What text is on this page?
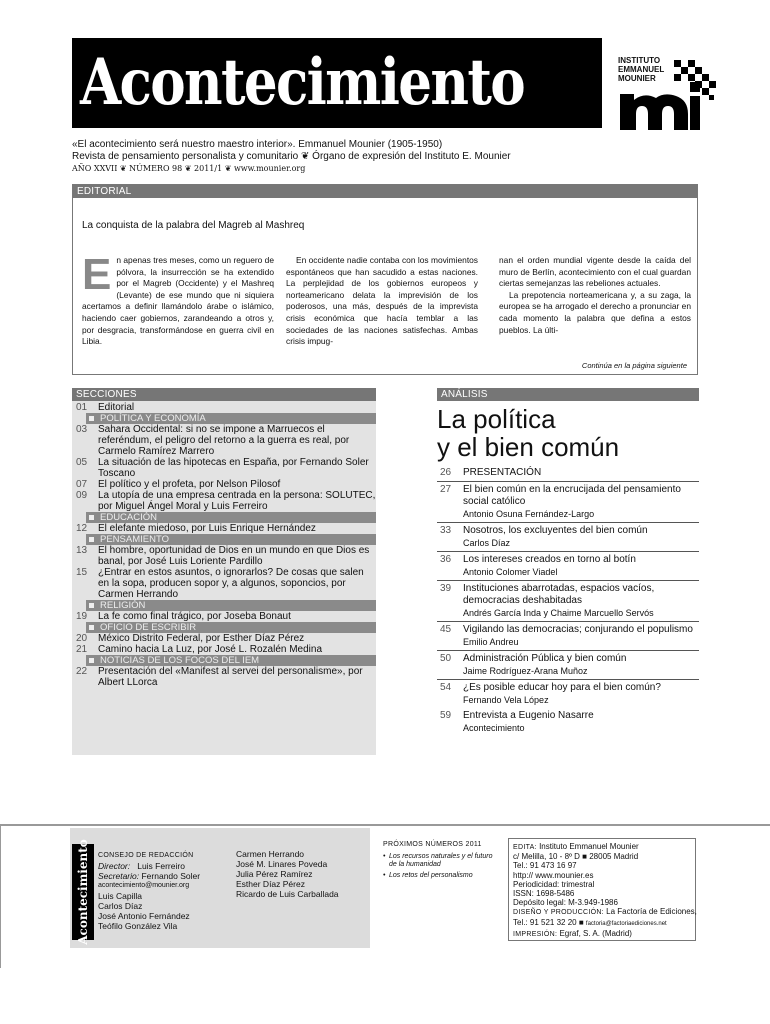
Acontecimiento	INSTITUTO
EMMANUEL
MOUNIER
«El acontecimiento será nuestro maestro interior». Emmanuel Mounier (1905-1950)
Revista de pensamiento personalista y comunitario ❦ Órgano de expresión del Instituto E. Mounier
AÑO XXVII ❦ NÚMERO 98 ❦ 2011/1 ❦ www.mounier.org
EDITORIAL
La conquista de la palabra del Magreb al Mashreq
E n apenas tres meses, como un reguero de pólvora, la insurrección se ha extendido por el Magreb (Occidente) y el Mashreq (Levante) de ese mundo que ni siquiera acertamos a definir llamándolo árabe o islámico, haciendo caer gobiernos, zarandeando a otros y, por desgracia, transformándose en guerra civil en Libia.

En occidente nadie contaba con los movimientos espontáneos que han sacudido a estas naciones. La perplejidad de los gobiernos europeos y norteamericano delata la imprevisión de los poderosos, una más, después de la imprevista crisis económica que hacía temblar a las sociedades de las naciones satisfechas. Ambas crisis impug-

nan el orden mundial vigente desde la caída del muro de Berlín, acontecimiento con el cual guardan ciertas semejanzas las rebeliones actuales.

La prepotencia norteamericana y, a su zaga, la europea se ha arrogado el derecho a pronunciar en cada momento la palabra que defina a estos pueblos. La últi-

Continúa en la página siguiente
SECCIONES
01	Editorial
POLÍTICA Y ECONOMÍA
03	Sahara Occidental: si no se impone a Marruecos el referéndum, el peligro del retorno a la guerra es real, por Carmelo Ramírez Marrero
05	La situación de las hipotecas en España, por Fernando Soler Toscano
07	El político y el profeta, por Nelson Pilosof
09	La utopía de una empresa centrada en la persona: SOLUTEC, por Miguel Ángel Moral y Luis Ferreiro
EDUCACIÓN
12	El elefante miedoso, por Luis Enrique Hernández
PENSAMIENTO
13	El hombre, oportunidad de Dios en un mundo en que Dios es banal, por José Luis Loriente Pardillo
15	¿Entrar en estos asuntos, o ignorarlos? De cosas que salen en la sopa, producen sopor y, a algunos, soponcios, por Carmen Herrando
RELIGIÓN
19	La fe como final trágico, por Joseba Bonaut
OFICIO DE ESCRIBIR
20	México Distrito Federal, por Esther Díaz Pérez
21	Camino hacia La Luz, por José L. Rozalén Medina
NOTICIAS DE LOS FOCOS DEL IEM
22	Presentación del «Manifest al servei del personalisme», por Albert LLorca
ANÁLISIS
La política
y el bien común
26	PRESENTACIÓN
27	El bien común en la encrucijada del pensamiento social católico
Antonio Osuna Fernández-Largo
33	Nosotros, los excluyentes del bien común
Carlos Díaz
36	Los intereses creados en torno al botín
Antonio Colomer Viadel
39	Instituciones abarrotadas, espacios vacíos, democracias deshabitadas
Andrés García Inda y Chaime Marcuello Servós
45	Vigilando las democracias; conjurando el populismo
Emilio Andreu
50	Administración Pública y bien común
Jaime Rodríguez-Arana Muñoz
54	¿Es posible educar hoy para el bien común?
Fernando Vela López
59	Entrevista a Eugenio Nasarre
Acontecimiento
Acontecimiento CONSEJO DE REDACCIÓN
Director: Luis Ferreiro
Secretario: Fernando Soler
acontecimiento@mounier.org
Luis Capilla
Carlos Díaz
José Antonio Fernández
Teófilo González Vila
Carmen Herrando
José M. Linares Poveda
Julia Pérez Ramírez
Esther Díaz Pérez
Ricardo de Luis Carballada
PRÓXIMOS NÚMEROS 2011
• Los recursos naturales y el futuro de la humanidad
• Los retos del personalismo
EDITA: Instituto Emmanuel Mounier
c/ Melilla, 10 - 8º D ■ 28005 Madrid
Tel.: 91 473 16 97
http:// www.mounier.es
Periodicidad: trimestral
ISSN: 1698-5486
Depósito legal: M-3.949-1986
DISEÑO Y PRODUCCIÓN: La Factoría de Ediciones,
Tel.: 91 521 32 20 ■ factoria@factoriaediciones.net
IMPRESIÓN: Egraf, S. A. (Madrid)
